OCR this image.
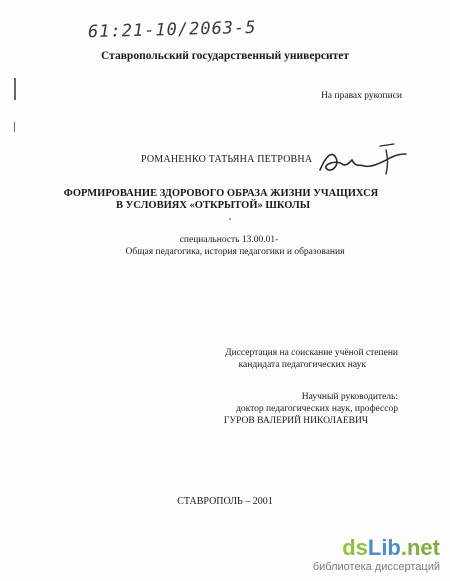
61:21-10/2063-5
Ставропольский государственный университет
На правах рукописи
РОМАНЕНКО ТАТЬЯНА ПЕТРОВНА
ФОРМИРОВАНИЕ ЗДОРОВОГО ОБРАЗА ЖИЗНИ УЧАЩИХСЯ
В УСЛОВИЯХ «ОТКРЫТОЙ» ШКОЛЫ
специальность 13.00.01-
Общая педагогика, история педагогики и образования
Диссертация на соискание учёной степени
кандидата педагогических наук
Научный руководитель:
доктор педагогических наук, профессор
ГУРОВ ВАЛЕРИЙ НИКОЛАЕВИЧ
СТАВРОПОЛЬ – 2001
dsLib.net
библиотека диссертаций
